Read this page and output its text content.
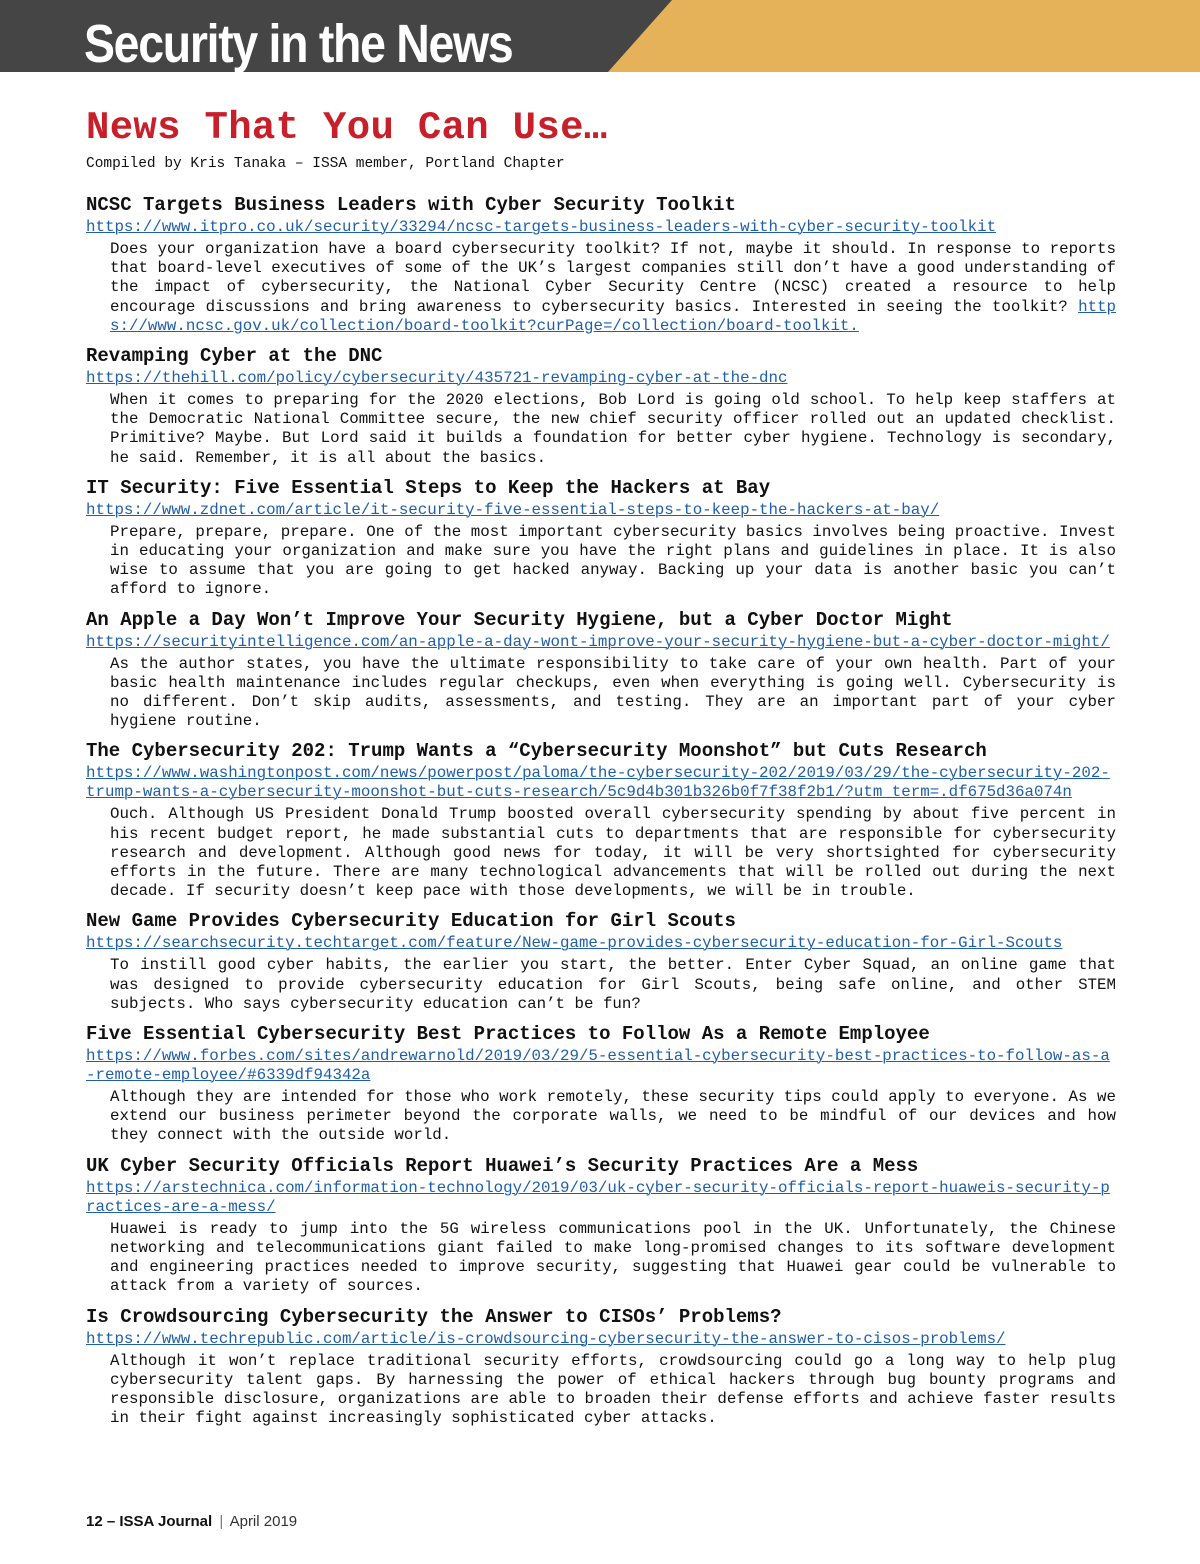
Security in the News
News That You Can Use…

Compiled by Kris Tanaka – ISSA member, Portland Chapter

NCSC Targets Business Leaders with Cyber Security Toolkit
https://www.itpro.co.uk/security/33294/ncsc-targets-business-leaders-with-cyber-security-toolkit

Does your organization have a board cybersecurity toolkit? If not, maybe it should. In response to reports that board-level executives of some of the UK’s largest companies still don’t have a good understanding of the impact of cybersecurity, the National Cyber Security Centre (NCSC) created a resource to help encourage discussions and bring awareness to cybersecurity basics. Interested in seeing the toolkit? https://www.ncsc.gov.uk/collection/board-toolkit?curPage=/collection/board-toolkit.

Revamping Cyber at the DNC
https://thehill.com/policy/cybersecurity/435721-revamping-cyber-at-the-dnc

When it comes to preparing for the 2020 elections, Bob Lord is going old school. To help keep staffers at the Democratic National Committee secure, the new chief security officer rolled out an updated checklist. Primitive? Maybe. But Lord said it builds a foundation for better cyber hygiene. Technology is secondary, he said. Remember, it is all about the basics.

IT Security: Five Essential Steps to Keep the Hackers at Bay
https://www.zdnet.com/article/it-security-five-essential-steps-to-keep-the-hackers-at-bay/

Prepare, prepare, prepare. One of the most important cybersecurity basics involves being proactive. Invest in educating your organization and make sure you have the right plans and guidelines in place. It is also wise to assume that you are going to get hacked anyway. Backing up your data is another basic you can’t afford to ignore.

An Apple a Day Won’t Improve Your Security Hygiene, but a Cyber Doctor Might
https://securityintelligence.com/an-apple-a-day-wont-improve-your-security-hygiene-but-a-cyber-doctor-might/

As the author states, you have the ultimate responsibility to take care of your own health. Part of your basic health maintenance includes regular checkups, even when everything is going well. Cybersecurity is no different. Don’t skip audits, assessments, and testing. They are an important part of your cyber hygiene routine.

The Cybersecurity 202: Trump Wants a “Cybersecurity Moonshot” but Cuts Research
https://www.washingtonpost.com/news/powerpost/paloma/the-cybersecurity-202/2019/03/29/the-cybersecurity-202-trump-wants-a-cybersecurity-moonshot-but-cuts-research/5c9d4b301b326b0f7f38f2b1/?utm_term=.df675d36a074n

Ouch. Although US President Donald Trump boosted overall cybersecurity spending by about five percent in his recent budget report, he made substantial cuts to departments that are responsible for cybersecurity research and development. Although good news for today, it will be very shortsighted for cybersecurity efforts in the future. There are many technological advancements that will be rolled out during the next decade. If security doesn’t keep pace with those developments, we will be in trouble.

New Game Provides Cybersecurity Education for Girl Scouts
https://searchsecurity.techtarget.com/feature/New-game-provides-cybersecurity-education-for-Girl-Scouts

To instill good cyber habits, the earlier you start, the better. Enter Cyber Squad, an online game that was designed to provide cybersecurity education for Girl Scouts, being safe online, and other STEM subjects. Who says cybersecurity education can’t be fun?

Five Essential Cybersecurity Best Practices to Follow As a Remote Employee
https://www.forbes.com/sites/andrewarnold/2019/03/29/5-essential-cybersecurity-best-practices-to-follow-as-a-remote-employee/#6339df94342a

Although they are intended for those who work remotely, these security tips could apply to everyone. As we extend our business perimeter beyond the corporate walls, we need to be mindful of our devices and how they connect with the outside world.

UK Cyber Security Officials Report Huawei’s Security Practices Are a Mess
https://arstechnica.com/information-technology/2019/03/uk-cyber-security-officials-report-huaweis-security-practices-are-a-mess/

Huawei is ready to jump into the 5G wireless communications pool in the UK. Unfortunately, the Chinese networking and telecommunications giant failed to make long-promised changes to its software development and engineering practices needed to improve security, suggesting that Huawei gear could be vulnerable to attack from a variety of sources.

Is Crowdsourcing Cybersecurity the Answer to CISOs’ Problems?
https://www.techrepublic.com/article/is-crowdsourcing-cybersecurity-the-answer-to-cisos-problems/

Although it won’t replace traditional security efforts, crowdsourcing could go a long way to help plug cybersecurity talent gaps. By harnessing the power of ethical hackers through bug bounty programs and responsible disclosure, organizations are able to broaden their defense efforts and achieve faster results in their fight against increasingly sophisticated cyber attacks.

12 – ISSA Journal | April 2019
